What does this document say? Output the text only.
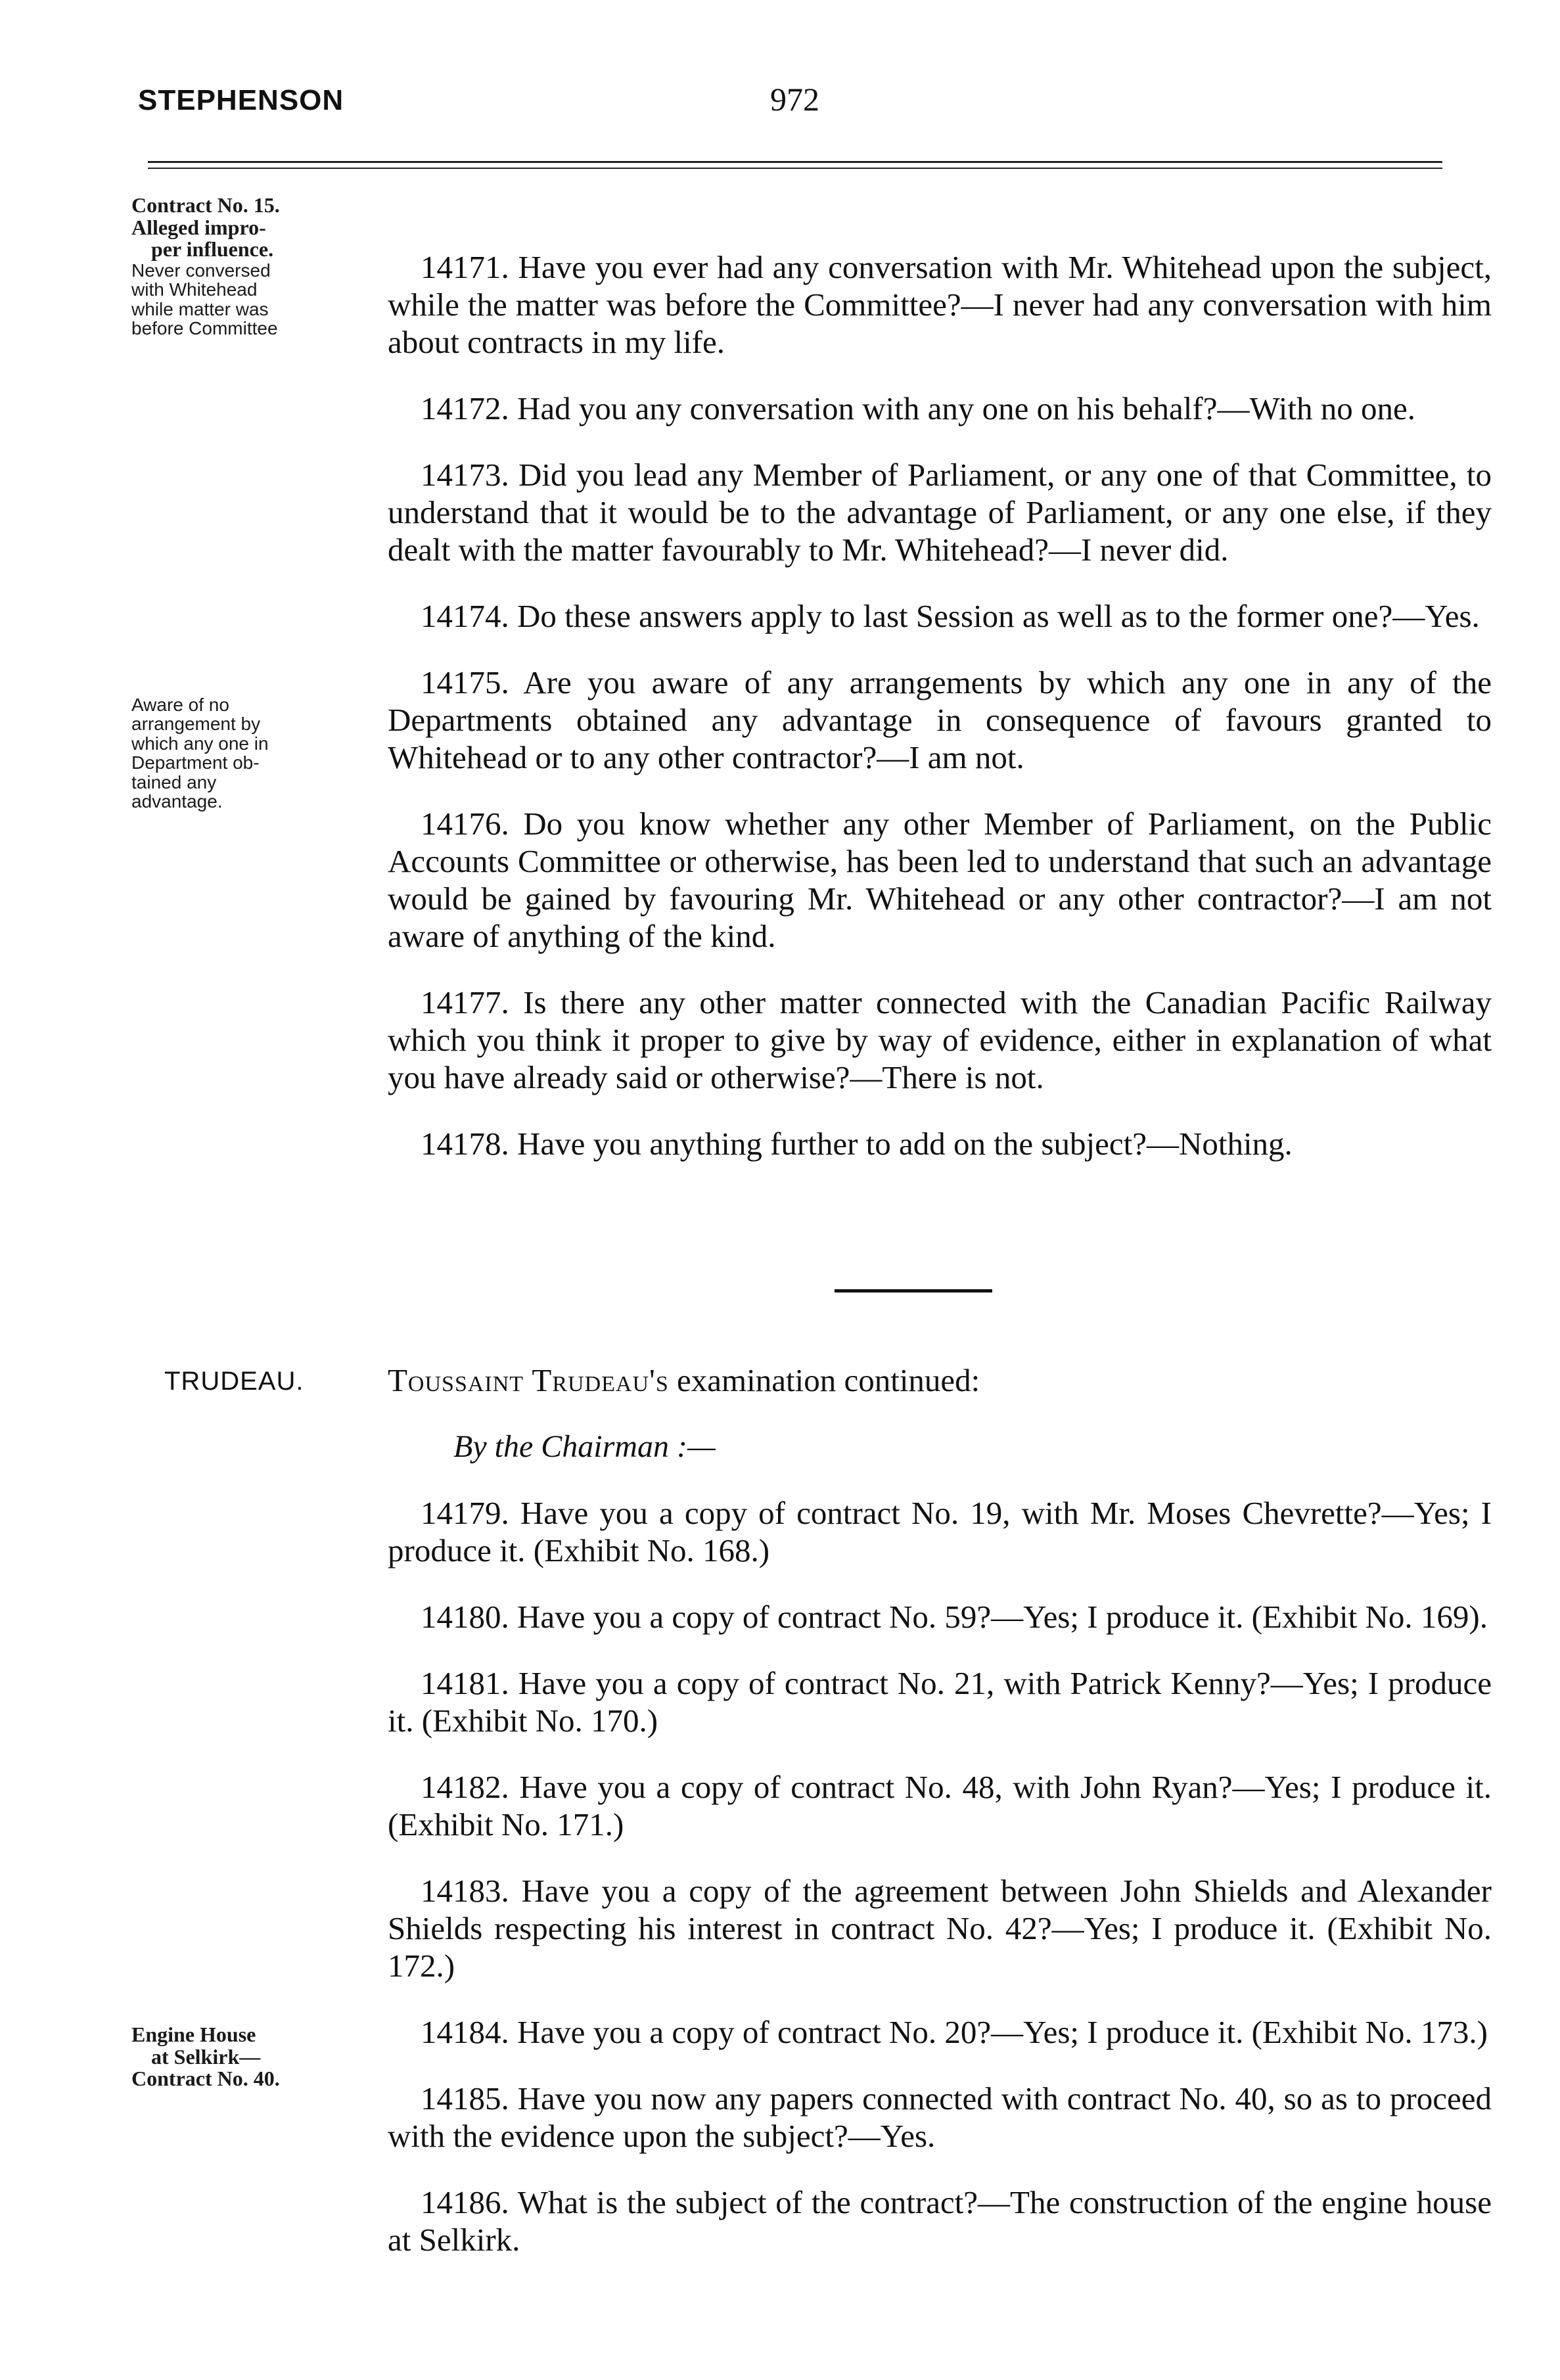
STEPHENSON	972
Contract No. 15.
Alleged impro-
per influence.
Never conversed
with Whitehead
while matter was
before Committee
Aware of no
arrangement by
which any one in
Department ob-
tained any
advantage.
Engine House
at Selkirk—
Contract No. 40.
TRUDEAU.

14171. Have you ever had any conversation with Mr. Whitehead upon the subject, while the matter was before the Committee?—I never had any conversation with him about contracts in my life.

14172. Had you any conversation with any one on his behalf?—With no one.

14173. Did you lead any Member of Parliament, or any one of that Committee, to understand that it would be to the advantage of Parliament, or any one else, if they dealt with the matter favourably to Mr. Whitehead?—I never did.

14174. Do these answers apply to last Session as well as to the former one?—Yes.

14175. Are you aware of any arrangements by which any one in any of the Departments obtained any advantage in consequence of favours granted to Whitehead or to any other contractor?—I am not.

14176. Do you know whether any other Member of Parliament, on the Public Accounts Committee or otherwise, has been led to understand that such an advantage would be gained by favouring Mr. Whitehead or any other contractor?—I am not aware of anything of the kind.

14177. Is there any other matter connected with the Canadian Pacific Railway which you think it proper to give by way of evidence, either in explanation of what you have already said or otherwise?—There is not.

14178. Have you anything further to add on the subject?—Nothing.

Toussaint Trudeau's examination continued:
By the Chairman :—

14179. Have you a copy of contract No. 19, with Mr. Moses Chevrette?—Yes; I produce it. (Exhibit No. 168.)

14180. Have you a copy of contract No. 59?—Yes; I produce it. (Exhibit No. 169).

14181. Have you a copy of contract No. 21, with Patrick Kenny?—Yes; I produce it. (Exhibit No. 170.)

14182. Have you a copy of contract No. 48, with John Ryan?—Yes; I produce it. (Exhibit No. 171.)

14183. Have you a copy of the agreement between John Shields and Alexander Shields respecting his interest in contract No. 42?—Yes; I produce it. (Exhibit No. 172.)

14184. Have you a copy of contract No. 20?—Yes; I produce it. (Exhibit No. 173.)

14185. Have you now any papers connected with contract No. 40, so as to proceed with the evidence upon the subject?—Yes.

14186. What is the subject of the contract?—The construction of the engine house at Selkirk.
